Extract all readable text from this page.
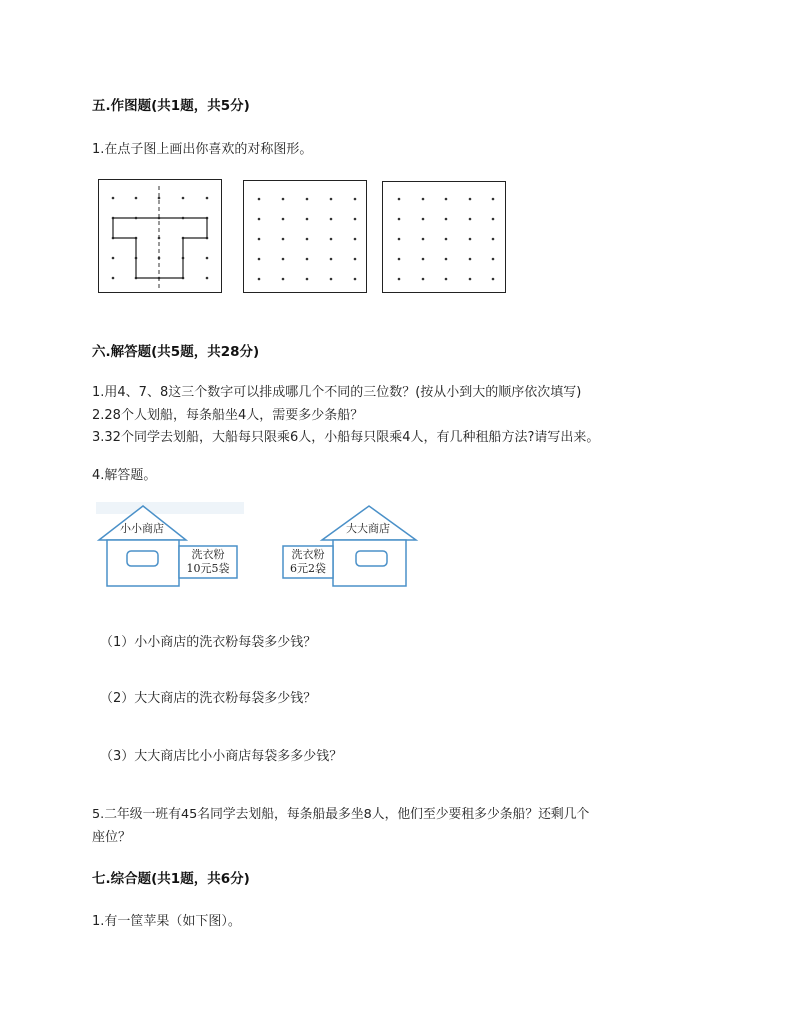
五.作图题(共1题，共5分)
1.在点子图上画出你喜欢的对称图形。
六.解答题(共5题，共28分)
1.用4、7、8这三个数字可以排成哪几个不同的三位数？(按从小到大的顺序依次填写)
2.28个人划船，每条船坐4人，需要多少条船？
3.32个同学去划船，大船每只限乘6人，小船每只限乘4人，有几种租船方法?请写出来。
4.解答题。
小小商店
洗衣粉
10元5袋
大大商店
洗衣粉
6元2袋
（1）小小商店的洗衣粉每袋多少钱？
（2）大大商店的洗衣粉每袋多少钱？
（3）大大商店比小小商店每袋多多少钱？
5.二年级一班有45名同学去划船，每条船最多坐8人，他们至少要租多少条船？还剩几个
座位？
七.综合题(共1题，共6分)
1.有一筐苹果（如下图）。
